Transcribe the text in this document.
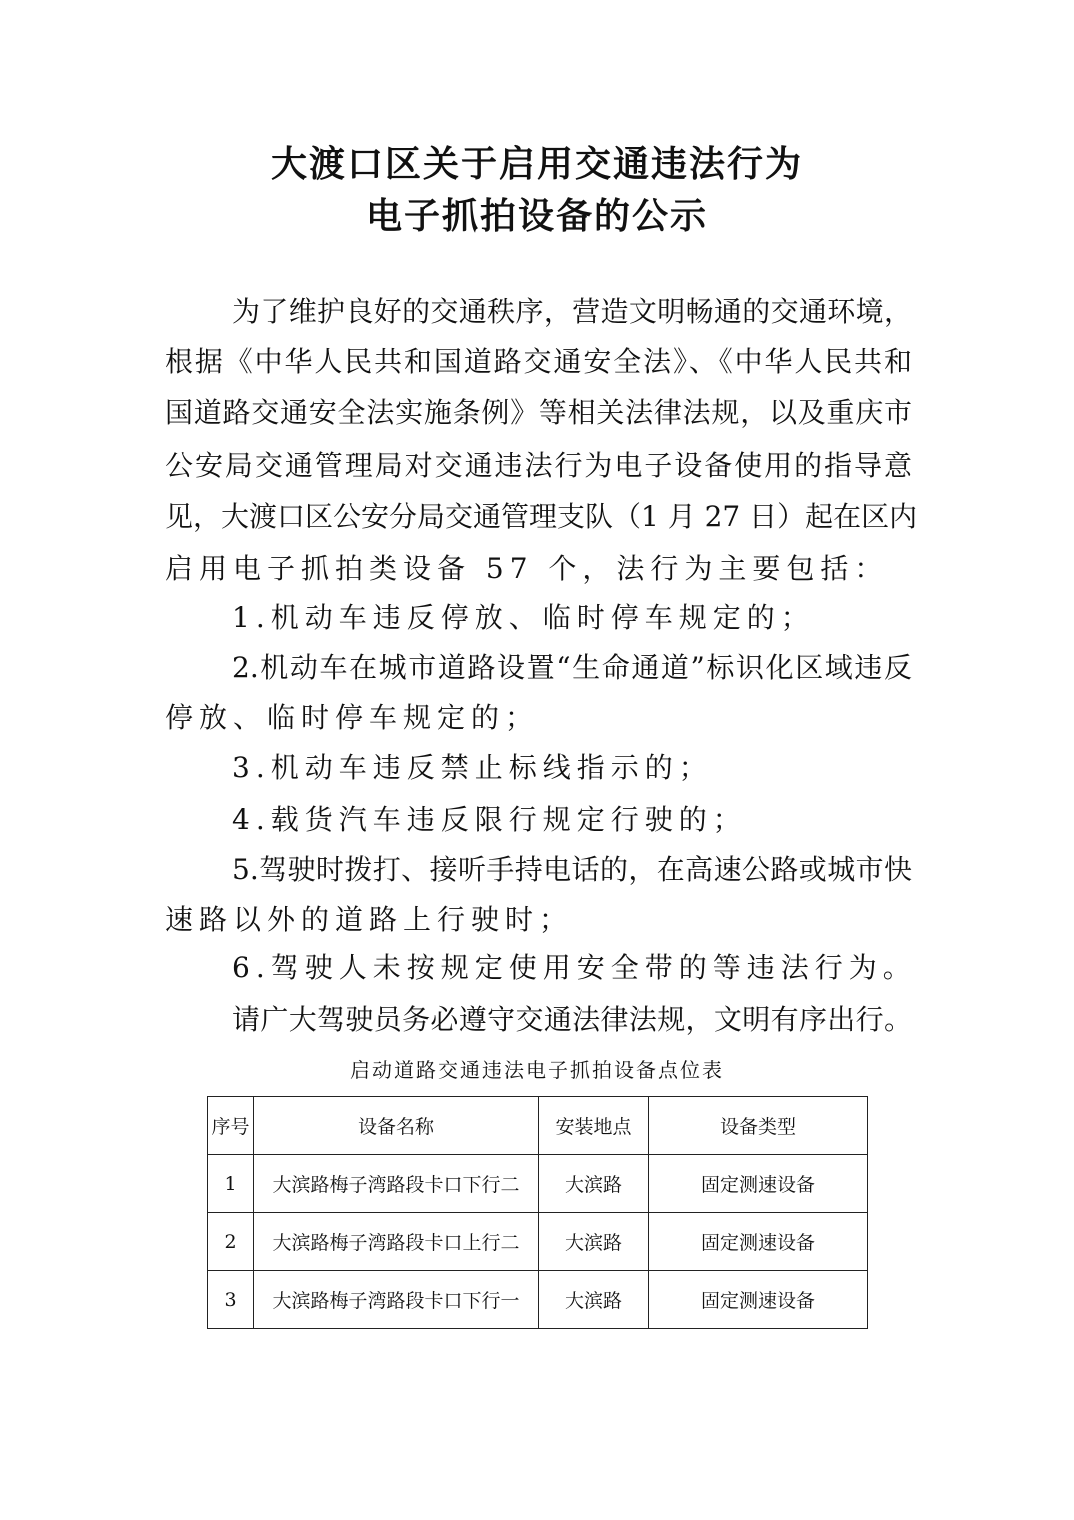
大渡口区关于启用交通违法行为
电子抓拍设备的公示
为了维护良好的交通秩序，营造文明畅通的交通环境，
根据《中华人民共和国道路交通安全法》、《中华人民共和
国道路交通安全法实施条例》等相关法律法规，以及重庆市
公安局交通管理局对交通违法行为电子设备使用的指导意
见，大渡口区公安分局交通管理支队（1 月 27 日）起在区内
启用电子抓拍类设备 57 个，法行为主要包括：
1.机动车违反停放、临时停车规定的；
2.机动车在城市道路设置“生命通道”标识化区域违反
停放、临时停车规定的；
3.机动车违反禁止标线指示的；
4.载货汽车违反限行规定行驶的；
5.驾驶时拨打、接听手持电话的，在高速公路或城市快
速路以外的道路上行驶时；
6.驾驶人未按规定使用安全带的等违法行为。
请广大驾驶员务必遵守交通法律法规，文明有序出行。
启动道路交通违法电子抓拍设备点位表
序号	设备名称	安装地点	设备类型
1	大滨路梅子湾路段卡口下行二	大滨路	固定测速设备
2	大滨路梅子湾路段卡口上行二	大滨路	固定测速设备
3	大滨路梅子湾路段卡口下行一	大滨路	固定测速设备
